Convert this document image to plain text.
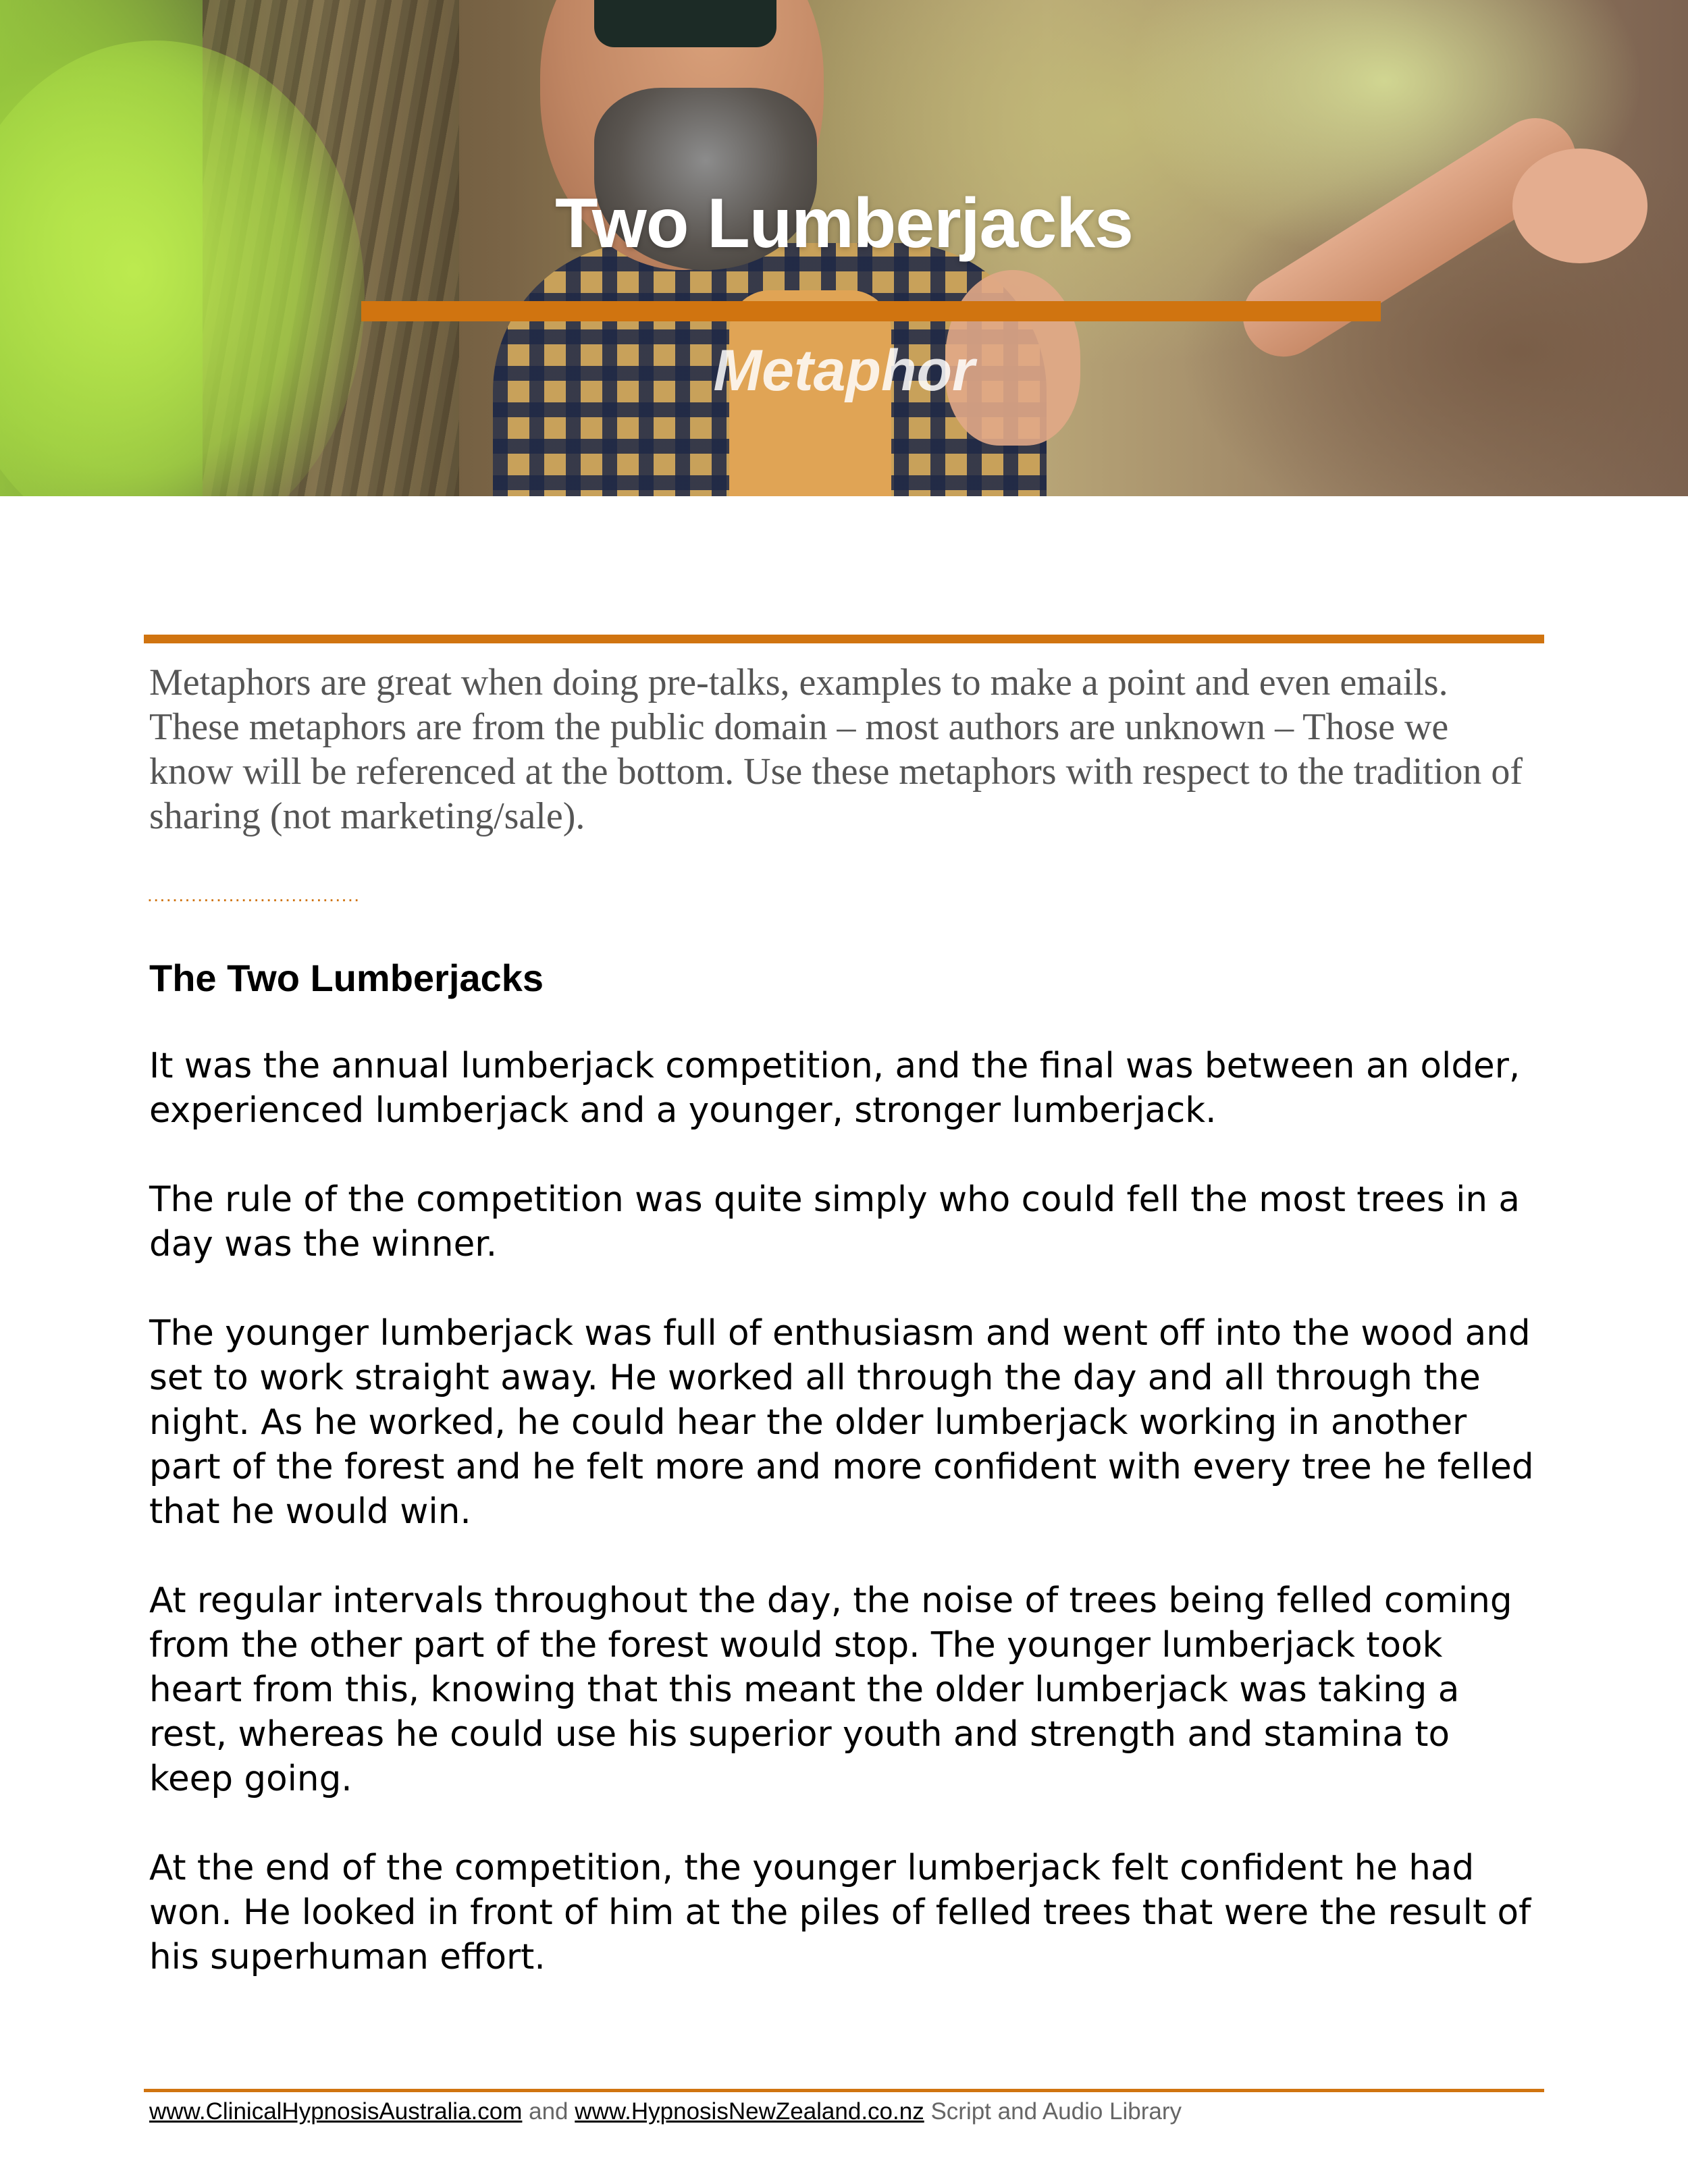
Two Lumberjacks
Metaphor

Metaphors are great when doing pre-talks, examples to make a point and even emails. These metaphors are from the public domain – most authors are unknown – Those we know will be referenced at the bottom. Use these metaphors with respect to the tradition of sharing (not marketing/sale).

..................................

The Two Lumberjacks

It was the annual lumberjack competition, and the final was between an older, experienced lumberjack and a younger, stronger lumberjack.

The rule of the competition was quite simply who could fell the most trees in a day was the winner.

The younger lumberjack was full of enthusiasm and went off into the wood and set to work straight away. He worked all through the day and all through the night. As he worked, he could hear the older lumberjack working in another part of the forest and he felt more and more confident with every tree he felled that he would win.

At regular intervals throughout the day, the noise of trees being felled coming from the other part of the forest would stop. The younger lumberjack took heart from this, knowing that this meant the older lumberjack was taking a rest, whereas he could use his superior youth and strength and stamina to keep going.

At the end of the competition, the younger lumberjack felt confident he had won. He looked in front of him at the piles of felled trees that were the result of his superhuman effort.

www.ClinicalHypnosisAustralia.com and www.HypnosisNewZealand.co.nz Script and Audio Library
